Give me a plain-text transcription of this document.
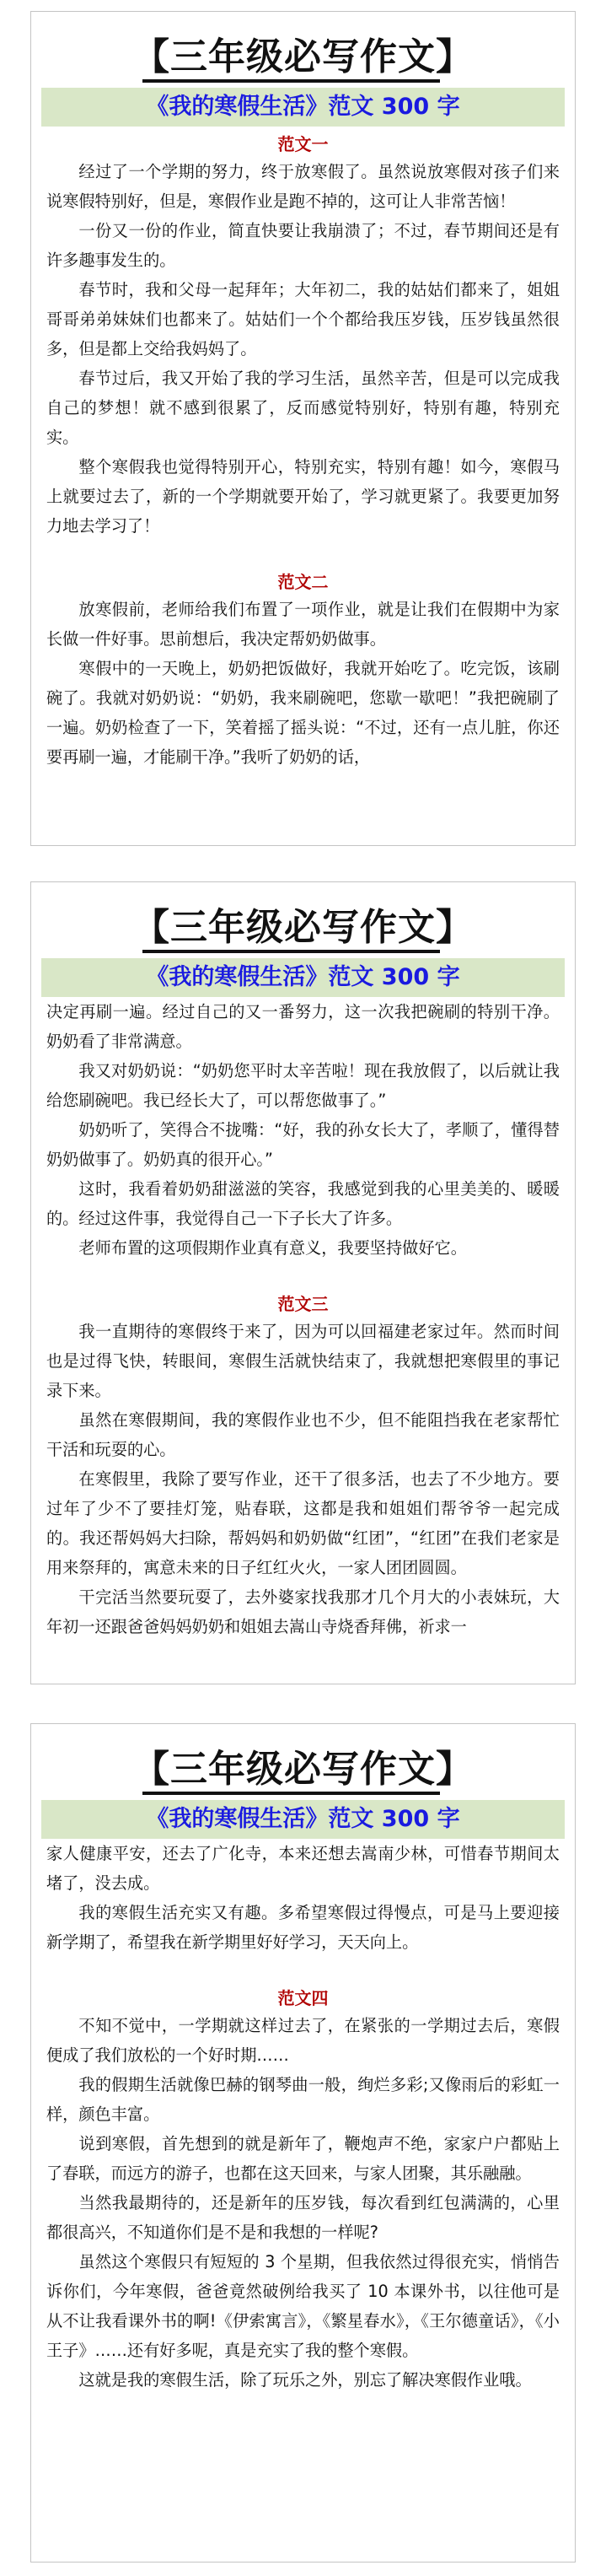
【三年级必写作文】
《我的寒假生活》范文 300 字

范文一

经过了一个学期的努力，终于放寒假了。虽然说放寒假对孩子们来说寒假特别好，但是，寒假作业是跑不掉的，这可让人非常苦恼！

一份又一份的作业，简直快要让我崩溃了；不过，春节期间还是有许多趣事发生的。

春节时，我和父母一起拜年；大年初二，我的姑姑们都来了，姐姐哥哥弟弟妹妹们也都来了。姑姑们一个个都给我压岁钱，压岁钱虽然很多，但是都上交给我妈妈了。

春节过后，我又开始了我的学习生活，虽然辛苦，但是可以完成我自己的梦想！就不感到很累了，反而感觉特别好，特别有趣，特别充实。

整个寒假我也觉得特别开心，特别充实，特别有趣！如今，寒假马上就要过去了，新的一个学期就要开始了，学习就更紧了。我要更加努力地去学习了！

范文二

放寒假前，老师给我们布置了一项作业，就是让我们在假期中为家长做一件好事。思前想后，我决定帮奶奶做事。

寒假中的一天晚上，奶奶把饭做好，我就开始吃了。吃完饭，该刷碗了。我就对奶奶说：“奶奶，我来刷碗吧，您歇一歇吧！”我把碗刷了一遍。奶奶检查了一下，笑着摇了摇头说：“不过，还有一点儿脏，你还要再刷一遍，才能刷干净。”我听了奶奶的话，

【三年级必写作文】
《我的寒假生活》范文 300 字

决定再刷一遍。经过自己的又一番努力，这一次我把碗刷的特别干净。奶奶看了非常满意。

我又对奶奶说：“奶奶您平时太辛苦啦！现在我放假了，以后就让我给您刷碗吧。我已经长大了，可以帮您做事了。”

奶奶听了，笑得合不拢嘴：“好，我的孙女长大了，孝顺了，懂得替奶奶做事了。奶奶真的很开心。”

这时，我看着奶奶甜滋滋的笑容，我感觉到我的心里美美的、暖暖的。经过这件事，我觉得自己一下子长大了许多。

老师布置的这项假期作业真有意义，我要坚持做好它。

范文三

我一直期待的寒假终于来了，因为可以回福建老家过年。然而时间也是过得飞快，转眼间，寒假生活就快结束了，我就想把寒假里的事记录下来。

虽然在寒假期间，我的寒假作业也不少，但不能阻挡我在老家帮忙干活和玩耍的心。

在寒假里，我除了要写作业，还干了很多活，也去了不少地方。要过年了少不了要挂灯笼，贴春联，这都是我和姐姐们帮爷爷一起完成的。我还帮妈妈大扫除，帮妈妈和奶奶做“红团”，“红团”在我们老家是用来祭拜的，寓意未来的日子红红火火，一家人团团圆圆。

干完活当然要玩耍了，去外婆家找我那才几个月大的小表妹玩，大年初一还跟爸爸妈妈奶奶和姐姐去嵩山寺烧香拜佛，祈求一

【三年级必写作文】
《我的寒假生活》范文 300 字

家人健康平安，还去了广化寺，本来还想去嵩南少林，可惜春节期间太堵了，没去成。

我的寒假生活充实又有趣。多希望寒假过得慢点，可是马上要迎接新学期了，希望我在新学期里好好学习，天天向上。

范文四

不知不觉中，一学期就这样过去了，在紧张的一学期过去后，寒假便成了我们放松的一个好时期……

我的假期生活就像巴赫的钢琴曲一般，绚烂多彩;又像雨后的彩虹一样，颜色丰富。

说到寒假，首先想到的就是新年了，鞭炮声不绝，家家户户都贴上了春联，而远方的游子，也都在这天回来，与家人团聚，其乐融融。

当然我最期待的，还是新年的压岁钱，每次看到红包满满的，心里都很高兴，不知道你们是不是和我想的一样呢?

虽然这个寒假只有短短的 3 个星期，但我依然过得很充实，悄悄告诉你们，今年寒假，爸爸竟然破例给我买了 10 本课外书，以往他可是从不让我看课外书的啊!《伊索寓言》，《繁星春水》，《王尔德童话》，《小王子》……还有好多呢，真是充实了我的整个寒假。

这就是我的寒假生活，除了玩乐之外，别忘了解决寒假作业哦。
